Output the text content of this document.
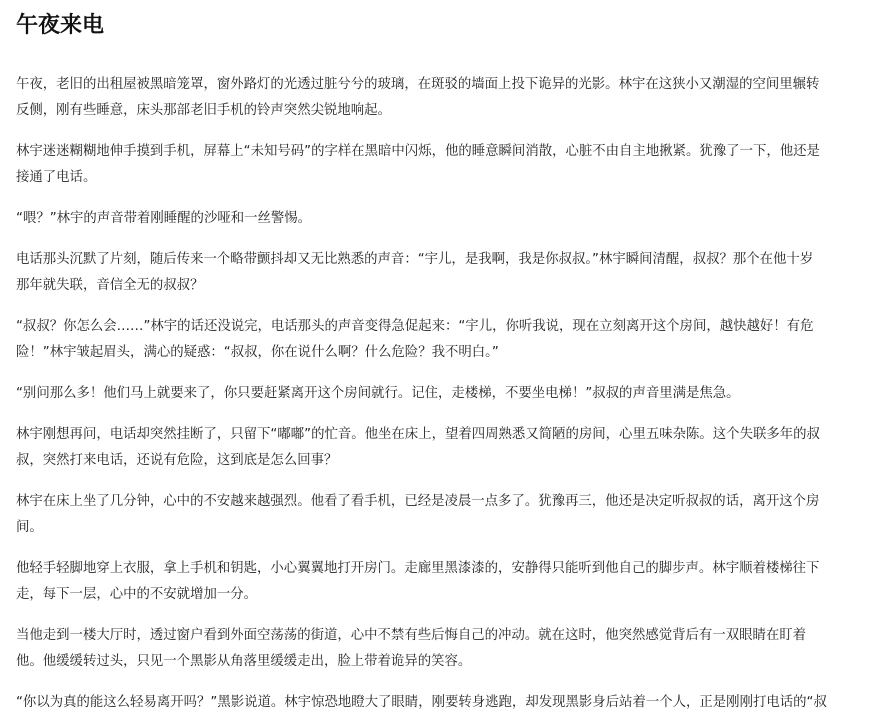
午夜来电

午夜，老旧的出租屋被黑暗笼罩，窗外路灯的光透过脏兮兮的玻璃，在斑驳的墙面上投下诡异的光影。林宇在这狭小又潮湿的空间里辗转
反侧，刚有些睡意，床头那部老旧手机的铃声突然尖锐地响起。

林宇迷迷糊糊地伸手摸到手机，屏幕上“未知号码”的字样在黑暗中闪烁，他的睡意瞬间消散，心脏不由自主地揪紧。犹豫了一下，他还是
接通了电话。

“喂？”林宇的声音带着刚睡醒的沙哑和一丝警惕。

电话那头沉默了片刻，随后传来一个略带颤抖却又无比熟悉的声音：“宇儿，是我啊，我是你叔叔。”林宇瞬间清醒，叔叔？那个在他十岁
那年就失联，音信全无的叔叔？

“叔叔？你怎么会……”林宇的话还没说完，电话那头的声音变得急促起来：“宇儿，你听我说，现在立刻离开这个房间，越快越好！有危
险！”林宇皱起眉头，满心的疑惑：“叔叔，你在说什么啊？什么危险？我不明白。”

“别问那么多！他们马上就要来了，你只要赶紧离开这个房间就行。记住，走楼梯，不要坐电梯！”叔叔的声音里满是焦急。

林宇刚想再问，电话却突然挂断了，只留下“嘟嘟”的忙音。他坐在床上，望着四周熟悉又简陋的房间，心里五味杂陈。这个失联多年的叔
叔，突然打来电话，还说有危险，这到底是怎么回事？

林宇在床上坐了几分钟，心中的不安越来越强烈。他看了看手机，已经是凌晨一点多了。犹豫再三，他还是决定听叔叔的话，离开这个房
间。

他轻手轻脚地穿上衣服，拿上手机和钥匙，小心翼翼地打开房门。走廊里黑漆漆的，安静得只能听到他自己的脚步声。林宇顺着楼梯往下
走，每下一层，心中的不安就增加一分。

当他走到一楼大厅时，透过窗户看到外面空荡荡的街道，心中不禁有些后悔自己的冲动。就在这时，他突然感觉背后有一双眼睛在盯着
他。他缓缓转过头，只见一个黑影从角落里缓缓走出，脸上带着诡异的笑容。

“你以为真的能这么轻易离开吗？”黑影说道。林宇惊恐地瞪大了眼睛，刚要转身逃跑，却发现黑影身后站着一个人，正是刚刚打电话的“叔
